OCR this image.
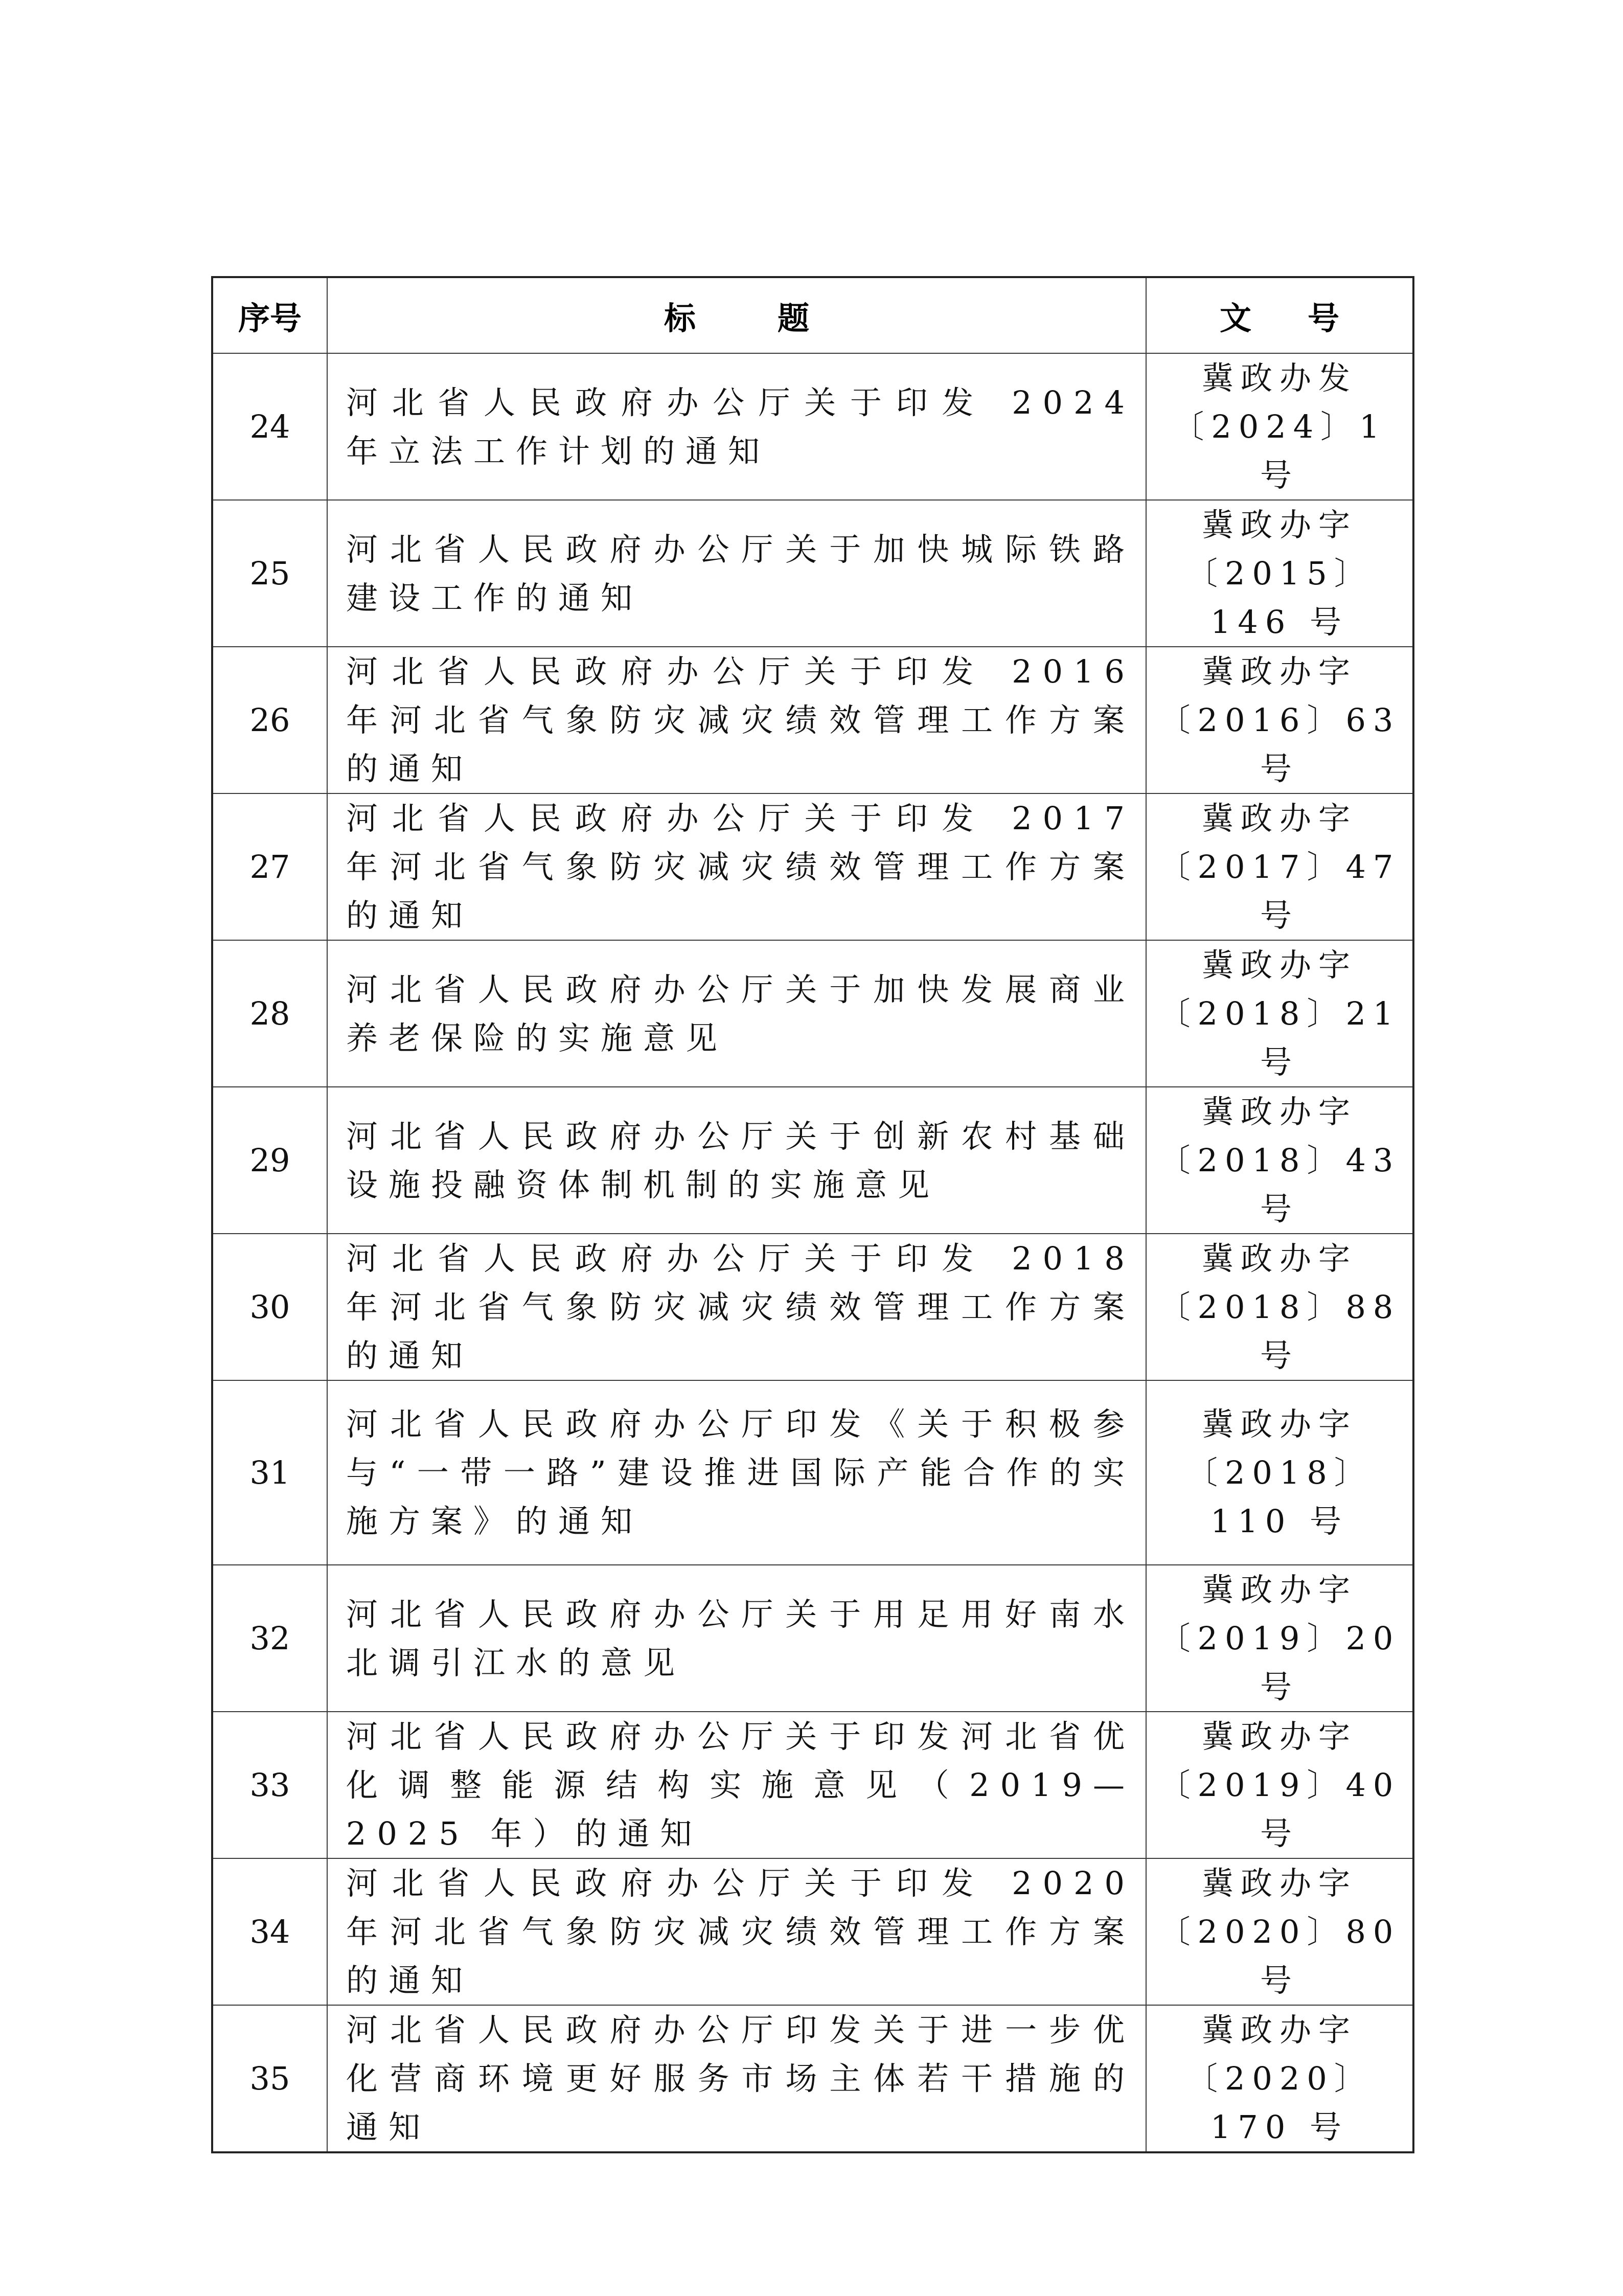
序号	标 题	文 号
24	河北省人民政府办公厅关于印发 2024 年立法工作计划的通知	冀政办发
〔2024〕1 号

25	河北省人民政府办公厅关于加快城际铁路建设工作的通知	冀政办字
〔2015〕146 号

26	河北省人民政府办公厅关于印发 2016 年河北省气象防灾减灾绩效管理工作方案的通知	冀政办字
〔2016〕63 号

27	河北省人民政府办公厅关于印发 2017 年河北省气象防灾减灾绩效管理工作方案的通知	冀政办字
〔2017〕47 号

28	河北省人民政府办公厅关于加快发展商业养老保险的实施意见	冀政办字
〔2018〕21 号

29	河北省人民政府办公厅关于创新农村基础设施投融资体制机制的实施意见	冀政办字
〔2018〕43 号

30	河北省人民政府办公厅关于印发 2018 年河北省气象防灾减灾绩效管理工作方案的通知	冀政办字
〔2018〕88 号

31	河北省人民政府办公厅印发《关于积极参与“一带一路”建设推进国际产能合作的实施方案》的通知	冀政办字
〔2018〕110 号

32	河北省人民政府办公厅关于用足用好南水北调引江水的意见	冀政办字
〔2019〕20 号

33	河北省人民政府办公厅关于印发河北省优化调整能源结构实施意见（2019—2025 年）的通知	冀政办字
〔2019〕40 号

34	河北省人民政府办公厅关于印发 2020 年河北省气象防灾减灾绩效管理工作方案的通知	冀政办字
〔2020〕80 号

35	河北省人民政府办公厅印发关于进一步优化营商环境更好服务市场主体若干措施的通知	冀政办字
〔2020〕170 号
